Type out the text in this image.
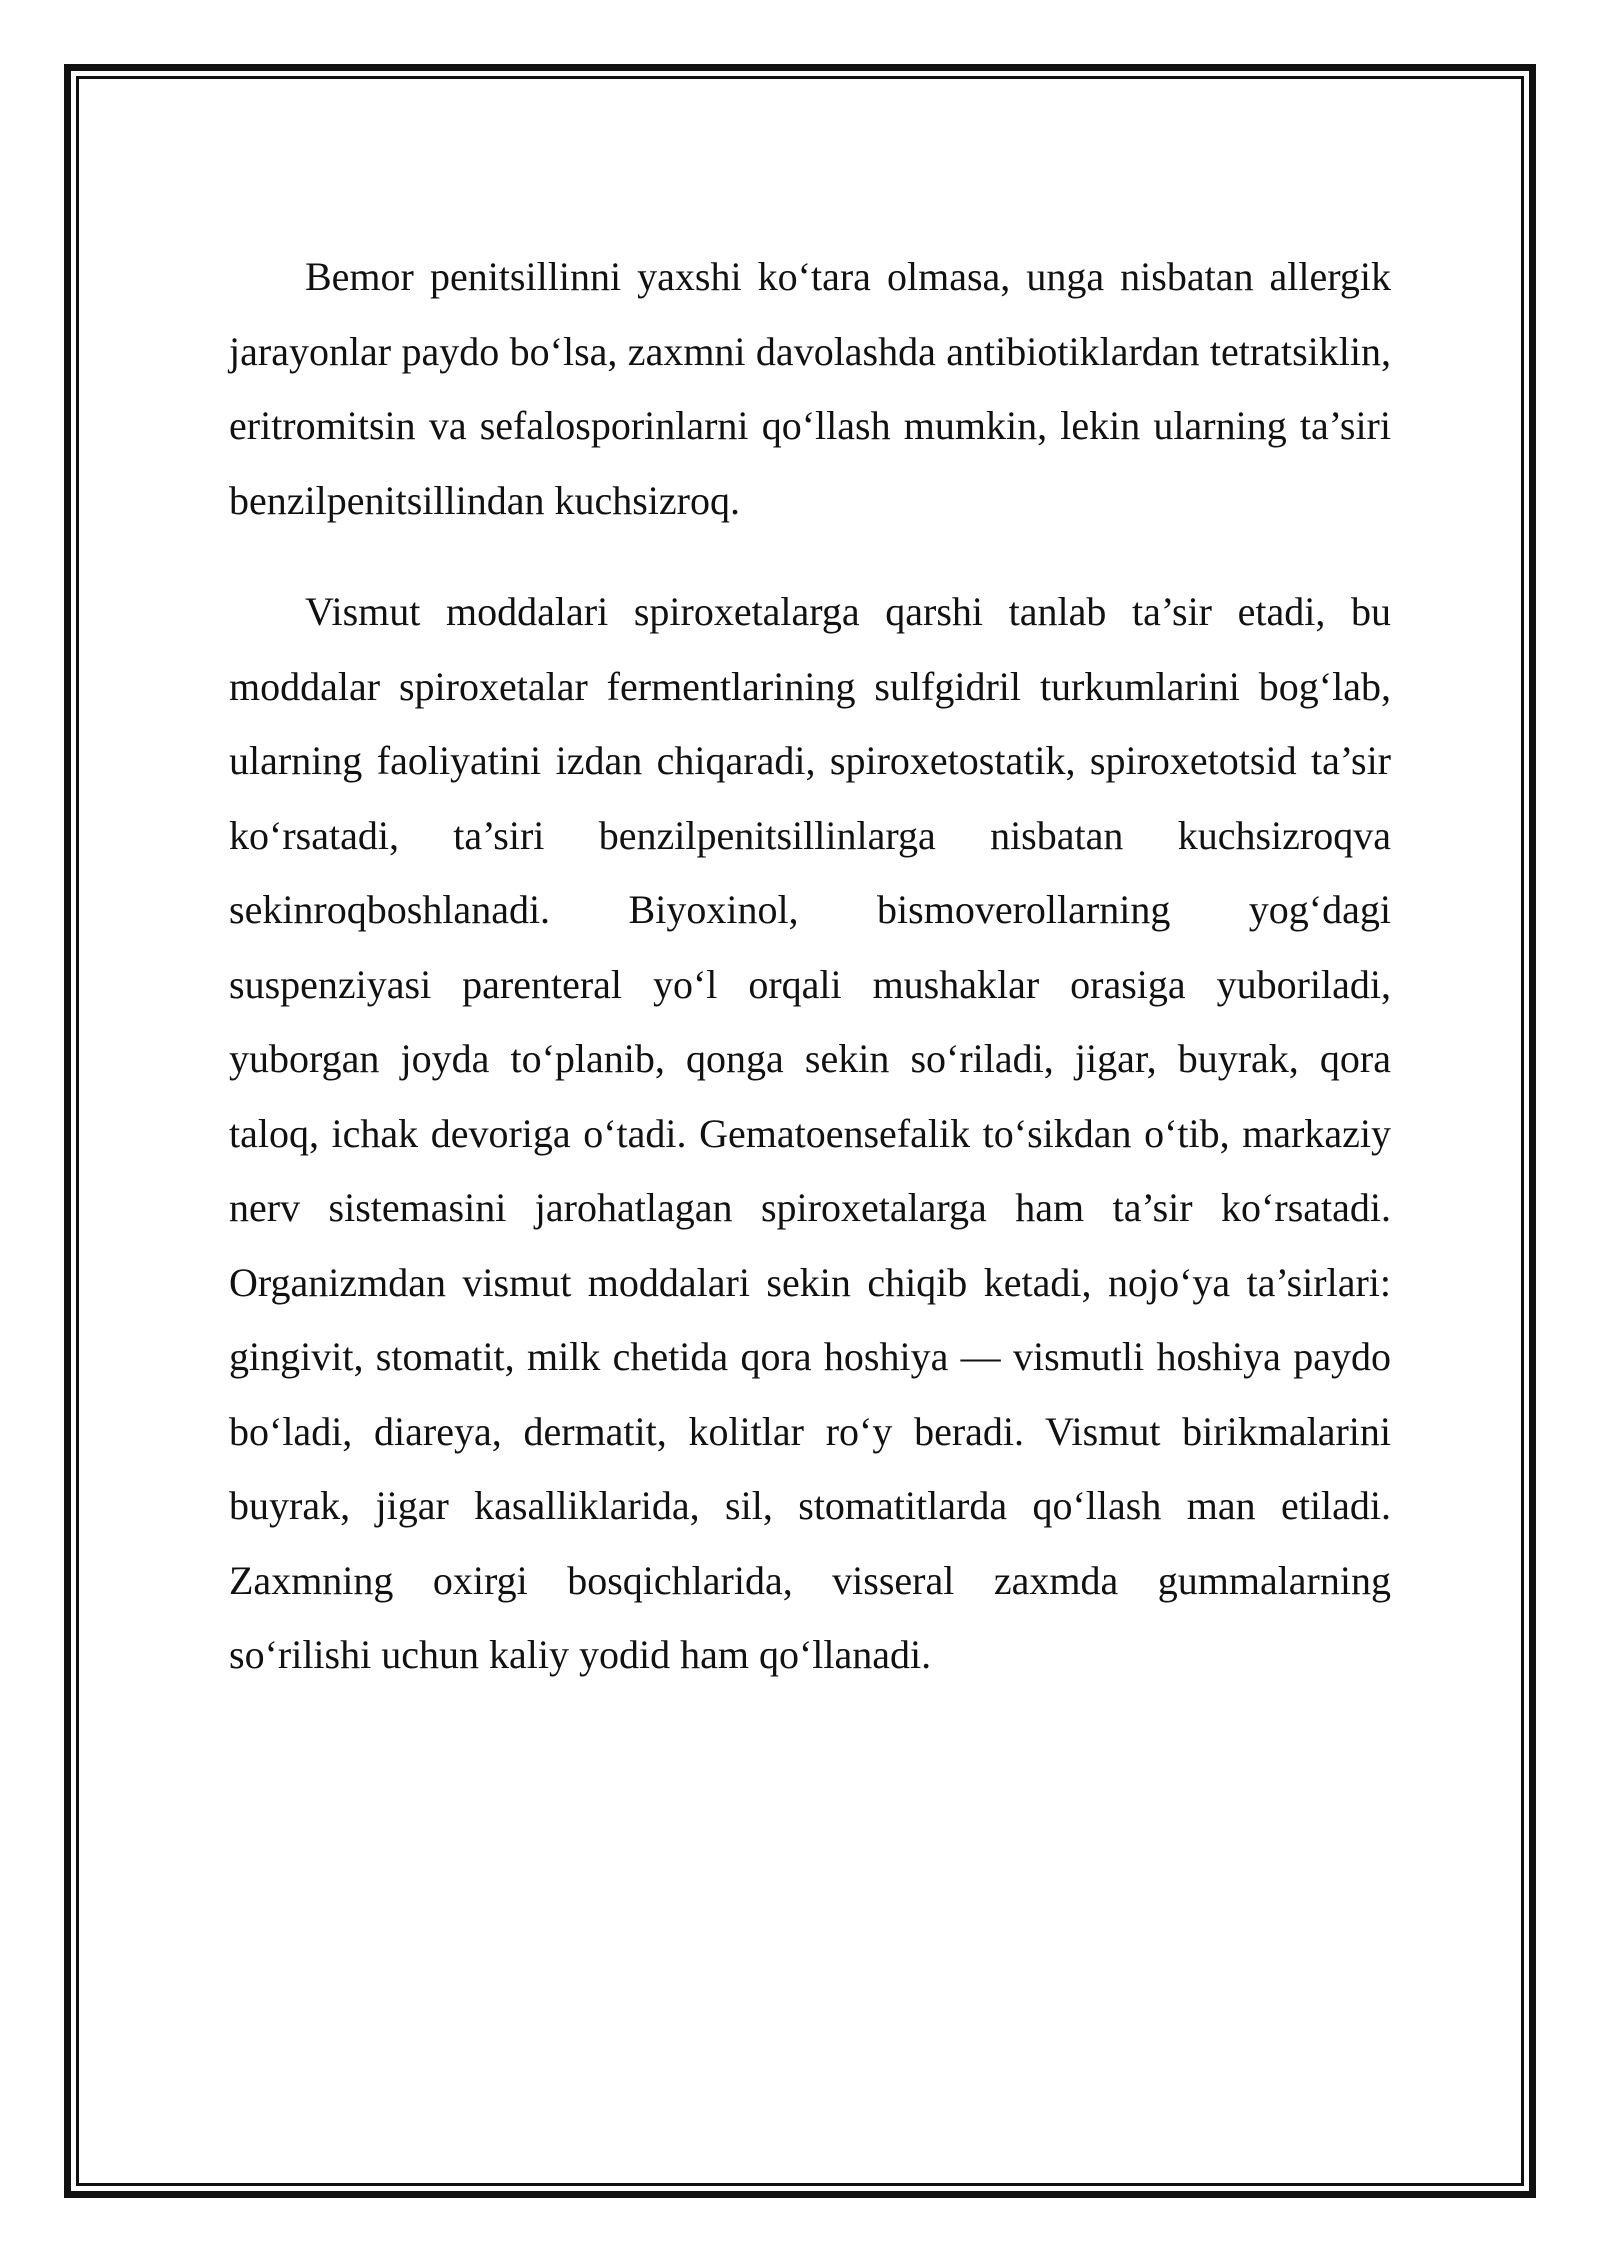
Bemor penitsillinni yaxshi ko‘tara olmasa, unga nisbatan allergik jarayonlar paydo bo‘lsa, zaxmni davolashda antibiotiklardan tetratsiklin, eritromitsin va sefalosporinlarni qo‘llash mumkin, lekin ularning ta’siri benzilpenitsillindan kuchsizroq.

Vismut moddalari spiroxetalarga qarshi tanlab ta’sir etadi, bu moddalar spiroxetalar fermentlarining sulfgidril turkumlarini bog‘lab, ularning faoliyatini izdan chiqaradi, spiroxetostatik, spiroxetotsid ta’sir ko‘rsatadi, ta’siri benzilpenitsillinlarga nisbatan kuchsizroqva sekinroqboshlanadi. Biyoxinol, bismoverollarning yog‘dagi suspenziyasi parenteral yo‘l orqali mushaklar orasiga yuboriladi, yuborgan joyda to‘planib, qonga sekin so‘riladi, jigar, buyrak, qora taloq, ichak devoriga o‘tadi. Gematoensefalik to‘sikdan o‘tib, markaziy nerv sistemasini jarohatlagan spiroxetalarga ham ta’sir ko‘rsatadi. Organizmdan vismut moddalari sekin chiqib ketadi, nojo‘ya ta’sirlari: gingivit, stomatit, milk chetida qora hoshiya — vismutli hoshiya paydo bo‘ladi, diareya, dermatit, kolitlar ro‘y beradi. Vismut birikmalarini buyrak, jigar kasalliklarida, sil, stomatitlarda qo‘llash man etiladi. Zaxmning oxirgi bosqichlarida, visseral zaxmda gummalarning so‘rilishi uchun kaliy yodid ham qo‘llanadi.
